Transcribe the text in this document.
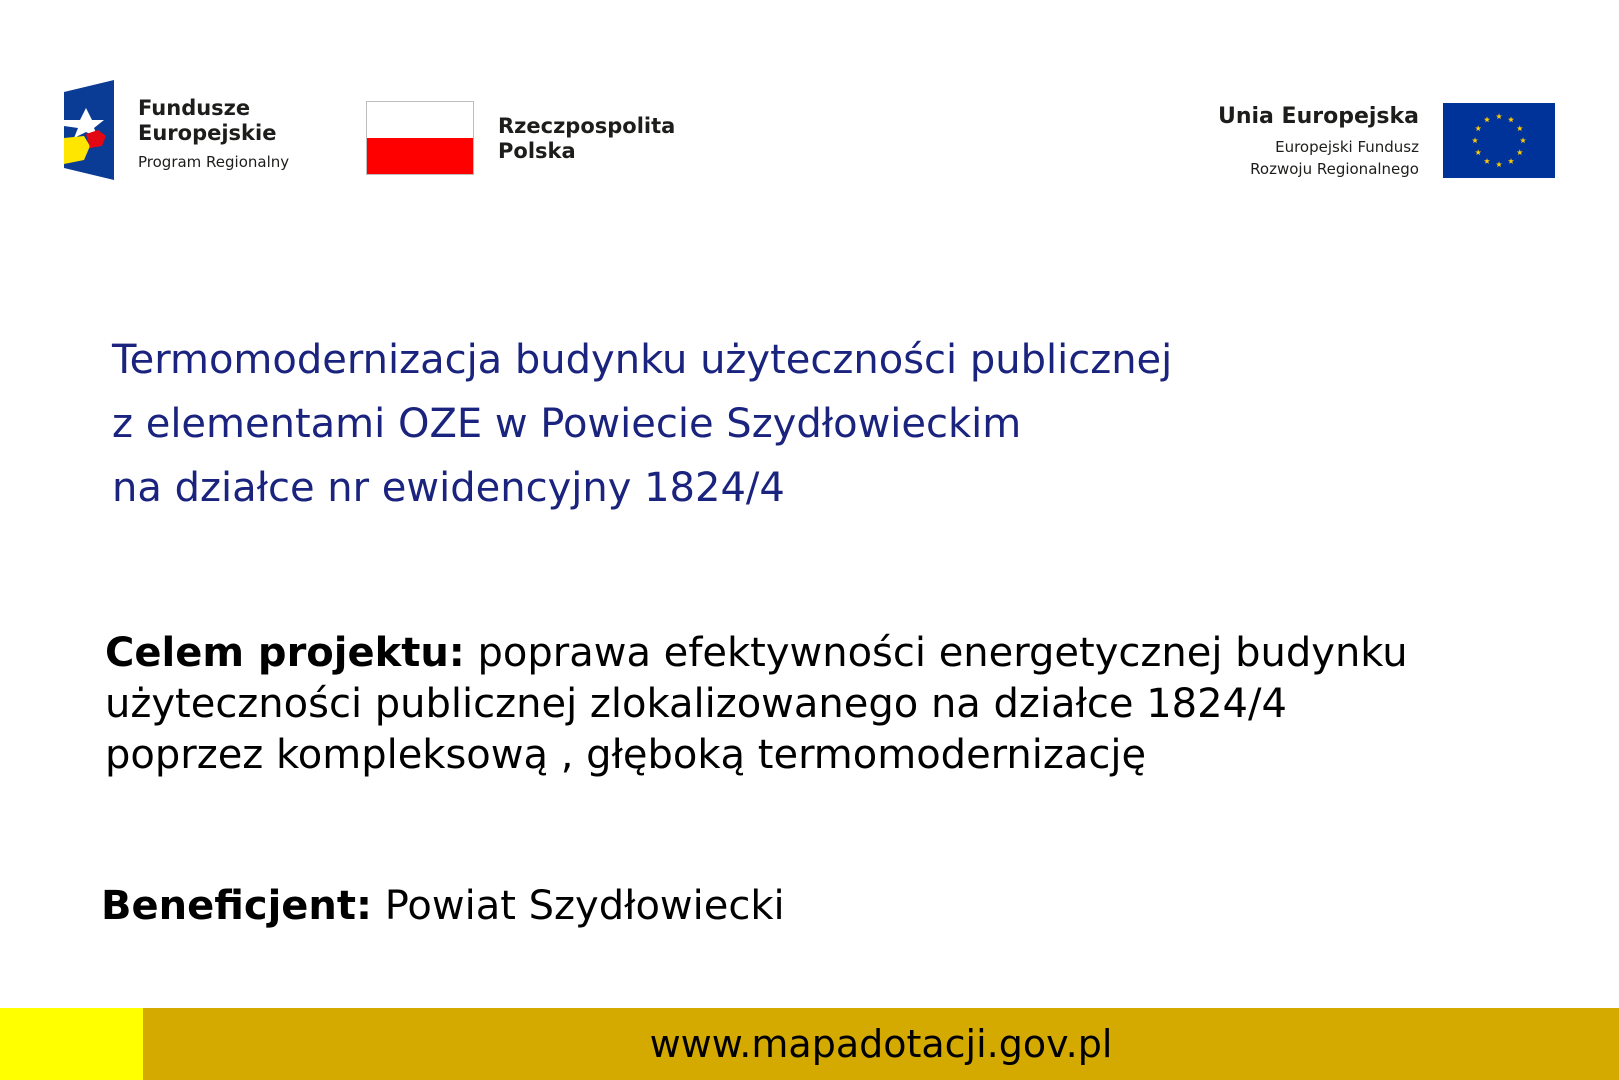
Fundusze
Europejskie
Program Regionalny
Rzeczpospolita
Polska
Unia Europejska
Europejski Fundusz
Rozwoju Regionalnego
Termomodernizacja budynku użyteczności publicznej
z elementami OZE w Powiecie Szydłowieckim
na działce nr ewidencyjny 1824/4
Celem projektu: poprawa efektywności energetycznej budynku
użyteczności publicznej zlokalizowanego na działce 1824/4
poprzez kompleksową , głęboką termomodernizację
Beneficjent: Powiat Szydłowiecki
www.mapadotacji.gov.pl
